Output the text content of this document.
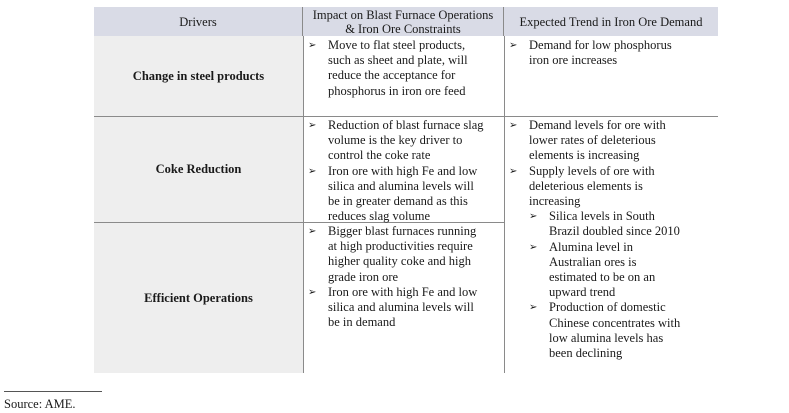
Drivers	Impact on Blast Furnace Operations
& Iron Ore Constraints	Expected Trend in Iron Ore Demand
Change in steel products
Coke Reduction
Efficient Operations
➢ Move to flat steel products,
such as sheet and plate, will
reduce the acceptance for
phosphorus in iron ore feed
➢ Demand for low phosphorus
iron ore increases
➢ Reduction of blast furnace slag
volume is the key driver to
control the coke rate
➢ Iron ore with high Fe and low
silica and alumina levels will
be in greater demand as this
reduces slag volume
➢ Bigger blast furnaces running
at high productivities require
higher quality coke and high
grade iron ore
➢ Iron ore with high Fe and low
silica and alumina levels will
be in demand
➢ Demand levels for ore with
lower rates of deleterious
elements is increasing
➢ Supply levels of ore with
deleterious elements is
increasing
➢ Silica levels in South
Brazil doubled since 2010
➢ Alumina level in
Australian ores is
estimated to be on an
upward trend
➢ Production of domestic
Chinese concentrates with
low alumina levels has
been declining
Source: AME.
